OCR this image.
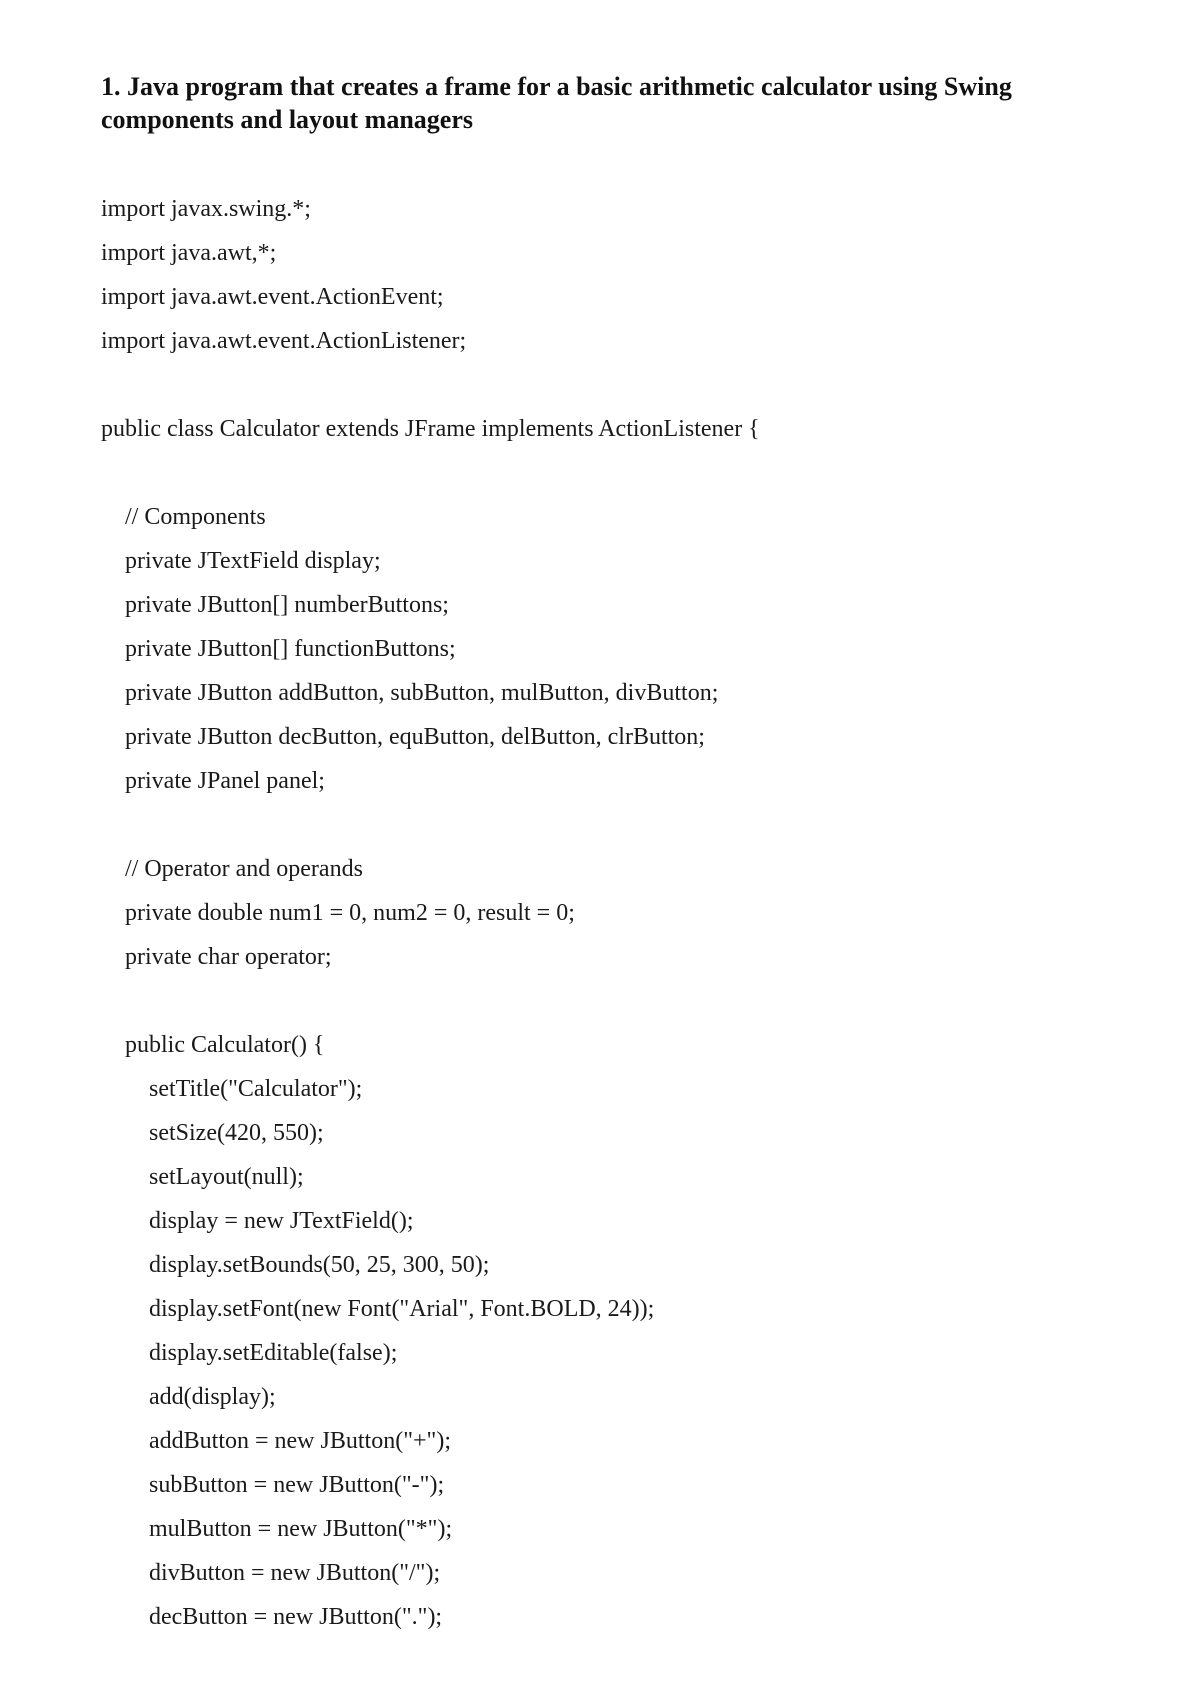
1. Java program that creates a frame for a basic arithmetic calculator using Swing components and layout managers
import javax.swing.*;
import java.awt,*;
import java.awt.event.ActionEvent;
import java.awt.event.ActionListener;
public class Calculator extends JFrame implements ActionListener {
// Components
private JTextField display;
private JButton[] numberButtons;
private JButton[] functionButtons;
private JButton addButton, subButton, mulButton, divButton;
private JButton decButton, equButton, delButton, clrButton;
private JPanel panel;
// Operator and operands
private double num1 = 0, num2 = 0, result = 0;
private char operator;
public Calculator() {
setTitle("Calculator");
setSize(420, 550);
setLayout(null);
display = new JTextField();
display.setBounds(50, 25, 300, 50);
display.setFont(new Font("Arial", Font.BOLD, 24));
display.setEditable(false);
add(display);
addButton = new JButton("+");
subButton = new JButton("-");
mulButton = new JButton("*");
divButton = new JButton("/");
decButton = new JButton(".");
